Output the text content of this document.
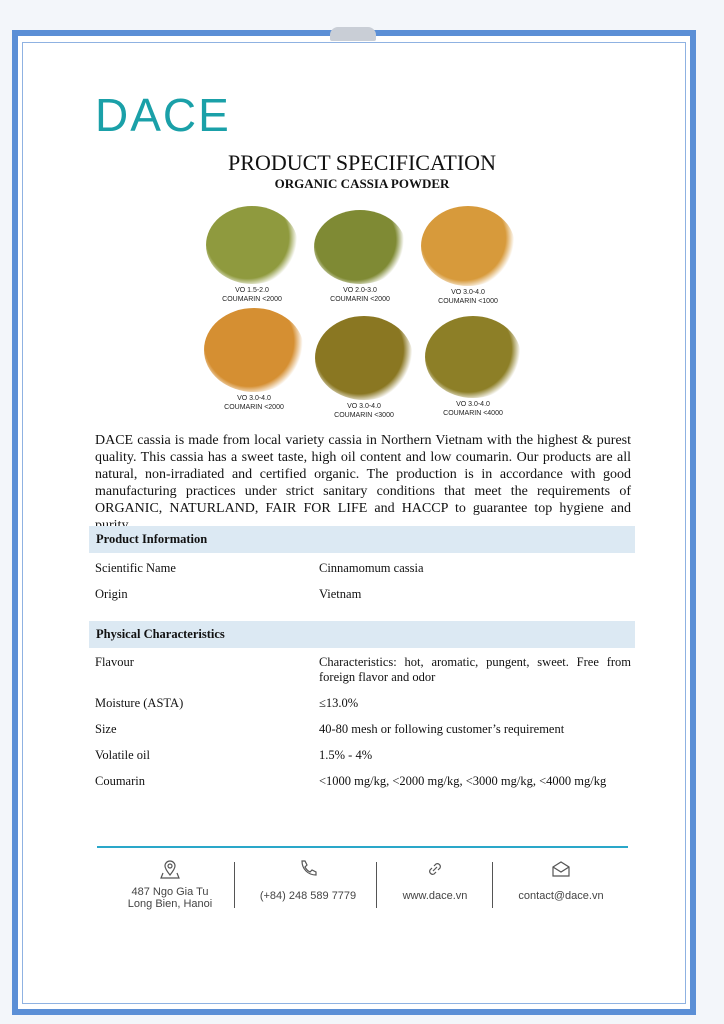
DACE
PRODUCT SPECIFICATION
ORGANIC CASSIA POWDER
VO 1.5-2.0
COUMARIN <2000
VO 2.0-3.0
COUMARIN <2000
VO 3.0-4.0
COUMARIN <1000
VO 3.0-4.0
COUMARIN <2000	VO 3.0-4.0
COUMARIN <3000
VO 3.0-4.0
COUMARIN <4000
DACE cassia is made from local variety cassia in Northern Vietnam with the highest & purest quality. This cassia has a sweet taste, high oil content and low coumarin. Our products are all natural, non-irradiated and certified organic. The production is in accordance with good manufacturing practices under strict sanitary conditions that meet the requirements of ORGANIC, NATURLAND, FAIR FOR LIFE and HACCP to guarantee top hygiene and
Product Information
Scientific Name	Cinnamomum cassia
Origin	Vietnam
Physical Characteristics
Flavour	Characteristics: hot, aromatic, pungent, sweet. Free from foreign flavor and odor
Moisture (ASTA)	≤13.0%
Size	40-80 mesh or following customer’s requirement
Volatile oil	1.5% - 4%
Coumarin	<1000 mg/kg, <2000 mg/kg, <3000 mg/kg, <4000 mg/kg
487 Ngo Gia Tu
Long Bien, Hanoi
(+84) 248 589 7779	www.dace.vn	contact@dace.vn
